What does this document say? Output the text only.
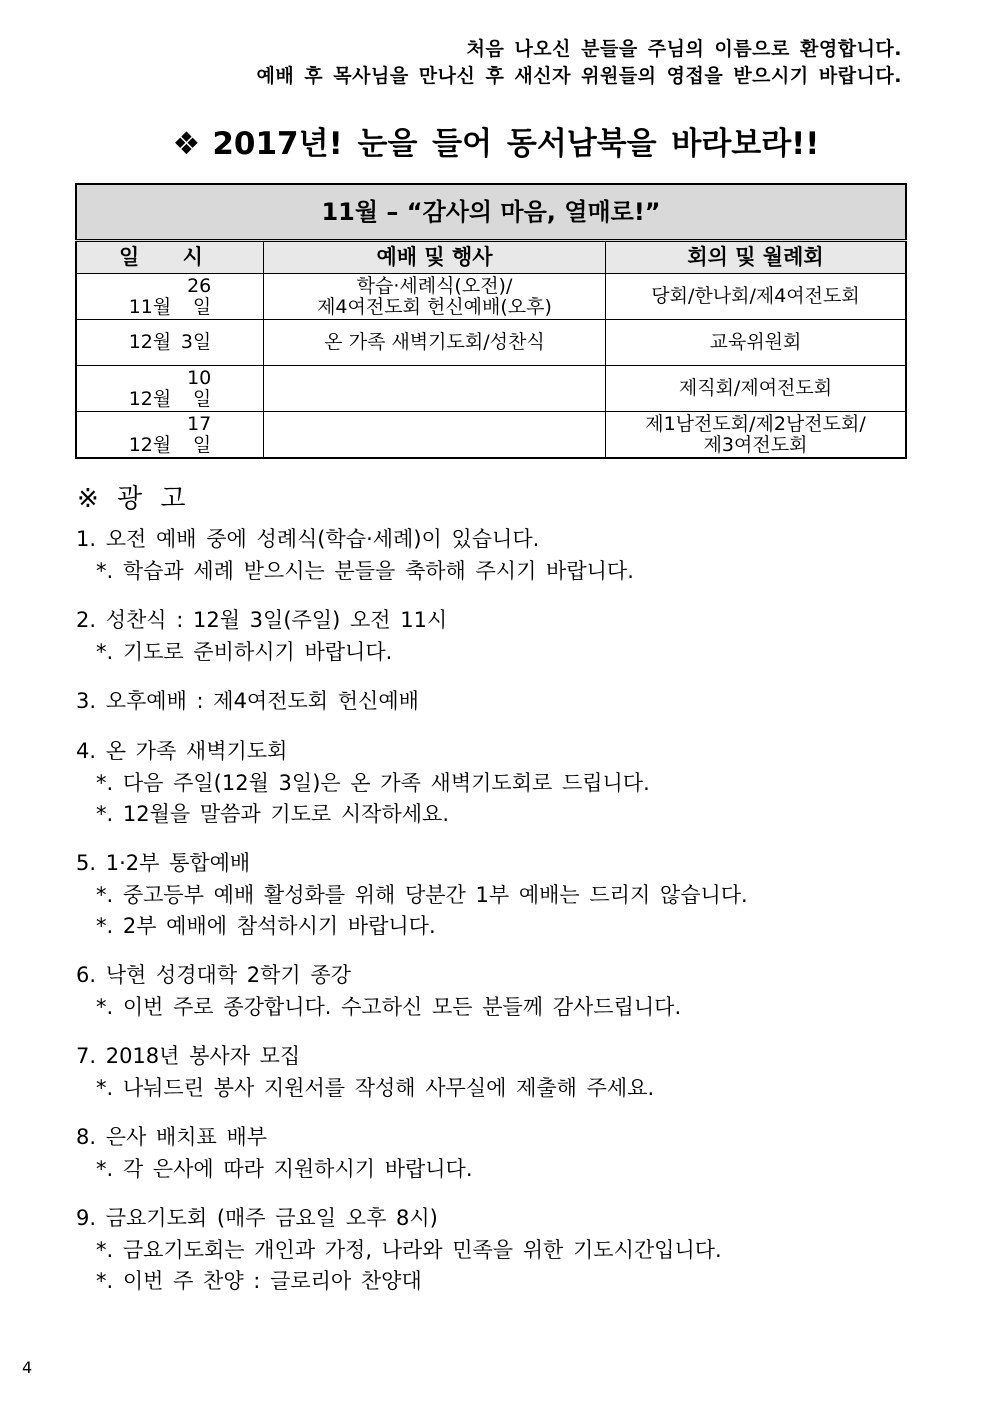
처음 나오신 분들을 주님의 이름으로 환영합니다.
예배 후 목사님을 만나신 후 새신자 위원들의 영접을 받으시기 바랍니다.
❖ 2017년! 눈을 들어 동서남북을 바라보라!!
11월 – “감사의 마음, 열매로!”		
일 시	예배 및 행사	회의 및 월례회
11월 26일	학습·세례식(오전)/
제4여전도회 헌신예배(오후)	당회/한나회/제4여전도회

12월 3일	온 가족 새벽기도회/성찬식	교육위원회

12월 10일		제직회/제여전도회

12월 17일		제1남전도회/제2남전도회/
제3여전도회
※ 광 고
1. 오전 예배 중에 성례식(학습·세례)이 있습니다.
*. 학습과 세례 받으시는 분들을 축하해 주시기 바랍니다.
2. 성찬식 : 12월 3일(주일) 오전 11시
*. 기도로 준비하시기 바랍니다.
3. 오후예배 : 제4여전도회 헌신예배
4. 온 가족 새벽기도회
*. 다음 주일(12월 3일)은 온 가족 새벽기도회로 드립니다.
*. 12월을 말씀과 기도로 시작하세요.
5. 1·2부 통합예배
*. 중고등부 예배 활성화를 위해 당분간 1부 예배는 드리지 않습니다.
*. 2부 예배에 참석하시기 바랍니다.
6. 낙현 성경대학 2학기 종강
*. 이번 주로 종강합니다. 수고하신 모든 분들께 감사드립니다.
7. 2018년 봉사자 모집
*. 나눠드린 봉사 지원서를 작성해 사무실에 제출해 주세요.
8. 은사 배치표 배부
*. 각 은사에 따라 지원하시기 바랍니다.
9. 금요기도회 (매주 금요일 오후 8시)
*. 금요기도회는 개인과 가정, 나라와 민족을 위한 기도시간입니다.
*. 이번 주 찬양 : 글로리아 찬양대
4
